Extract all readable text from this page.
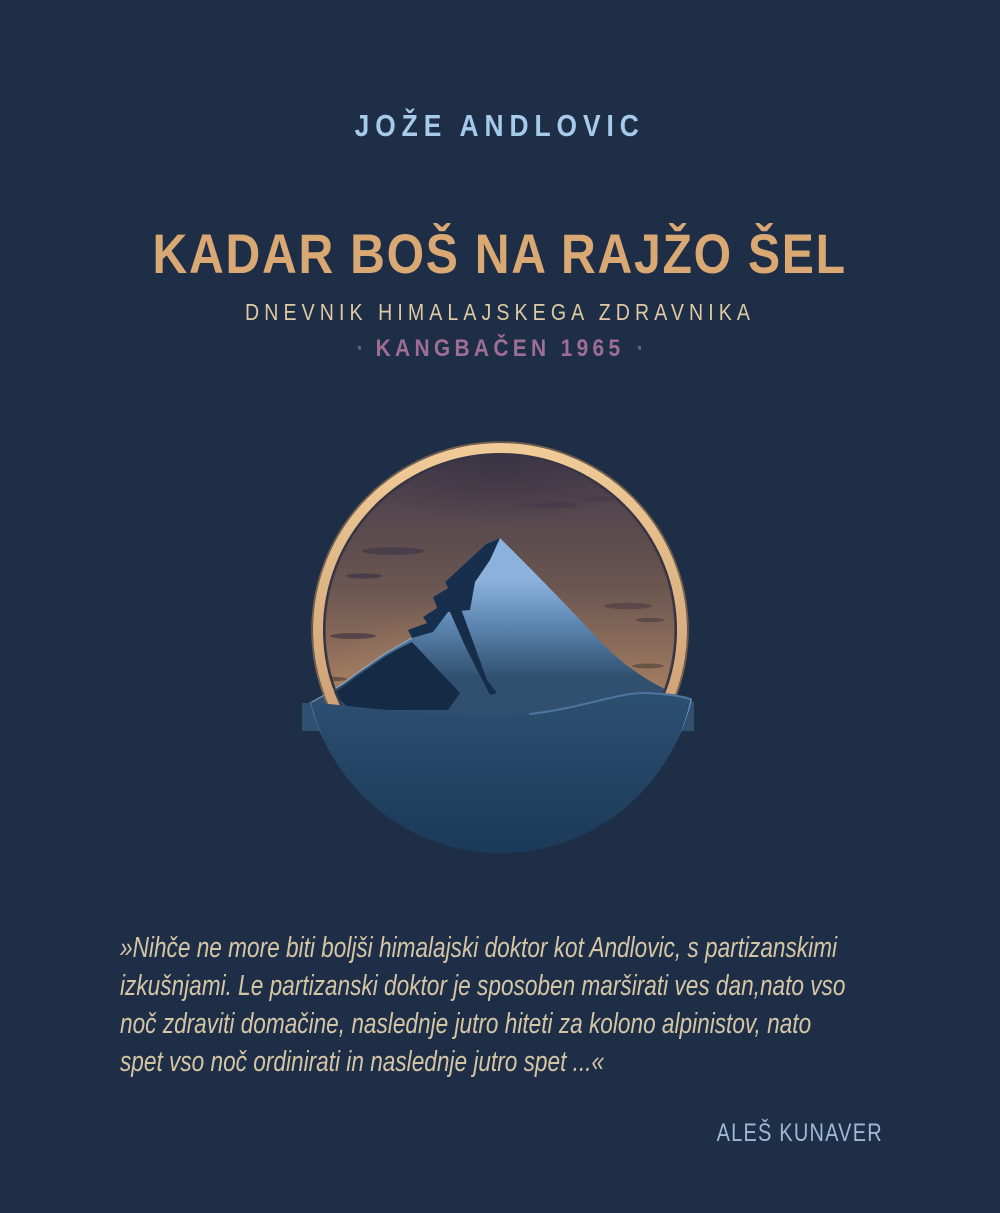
JOŽE ANDLOVIC
KADAR BOŠ NA RAJŽO ŠEL
DNEVNIK HIMALAJSKEGA ZDRAVNIKA
· KANGBAČEN 1965 ·
»Nihče ne more biti boljši himalajski doktor kot Andlovic, s partizanskimi
izkušnjami. Le partizanski doktor je sposoben marširati ves dan,nato vso
noč zdraviti domačine, naslednje jutro hiteti za kolono alpinistov, nato
spet vso noč ordinirati in naslednje jutro spet ...«
ALEŠ KUNAVER
